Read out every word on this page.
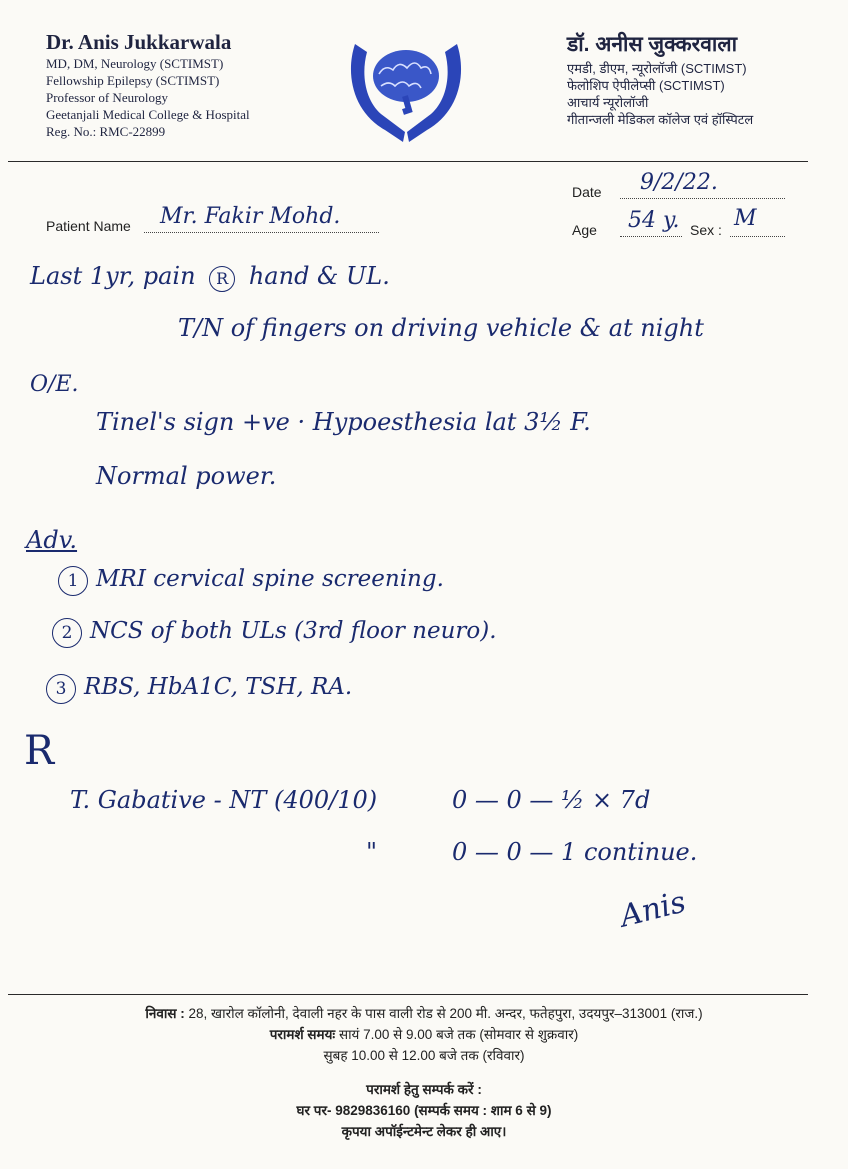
Dr. Anis Jukkarwala
MD, DM, Neurology (SCTIMST)
Fellowship Epilepsy (SCTIMST)
Professor of Neurology
Geetanjali Medical College & Hospital
Reg. No.: RMC-22899
डॉ. अनीस जुक्करवाला
एमडी, डीएम, न्यूरोलॉजी (SCTIMST)
फेलोशिप ऐपीलेप्सी (SCTIMST)
आचार्य न्यूरोलॉजी
गीतान्जली मेडिकल कॉलेज एवं हॉस्पिटल
Date 9/2/22.
Patient Name Mr. Fakir Mohd.
Age 54 y. Sex : M
Last 1yr, pain R hand & UL.
T/N of fingers on driving vehicle & at night
O/E.
Tinel's sign +ve · Hypoesthesia lat 3½ F.
Normal power.
Adv.
1 MRI cervical spine screening.
2 NCS of both ULs (3rd floor neuro).
3 RBS, HbA1C, TSH, RA.
R
T. Gabative - NT (400/10)	0 — 0 — ½ × 7d
"	0 — 0 — 1 continue.
Anis
निवास : 28, खारोल कॉलोनी, देवाली नहर के पास वाली रोड से 200 मी. अन्दर, फतेहपुरा, उदयपुर–313001 (राज.)
परामर्श समयः सायं 7.00 से 9.00 बजे तक (सोमवार से शुक्रवार)
सुबह 10.00 से 12.00 बजे तक (रविवार)
परामर्श हेतु सम्पर्क करें :
घर पर- 9829836160 (सम्पर्क समय : शाम 6 से 9)
कृपया अपॉईन्टमेन्ट लेकर ही आए।
